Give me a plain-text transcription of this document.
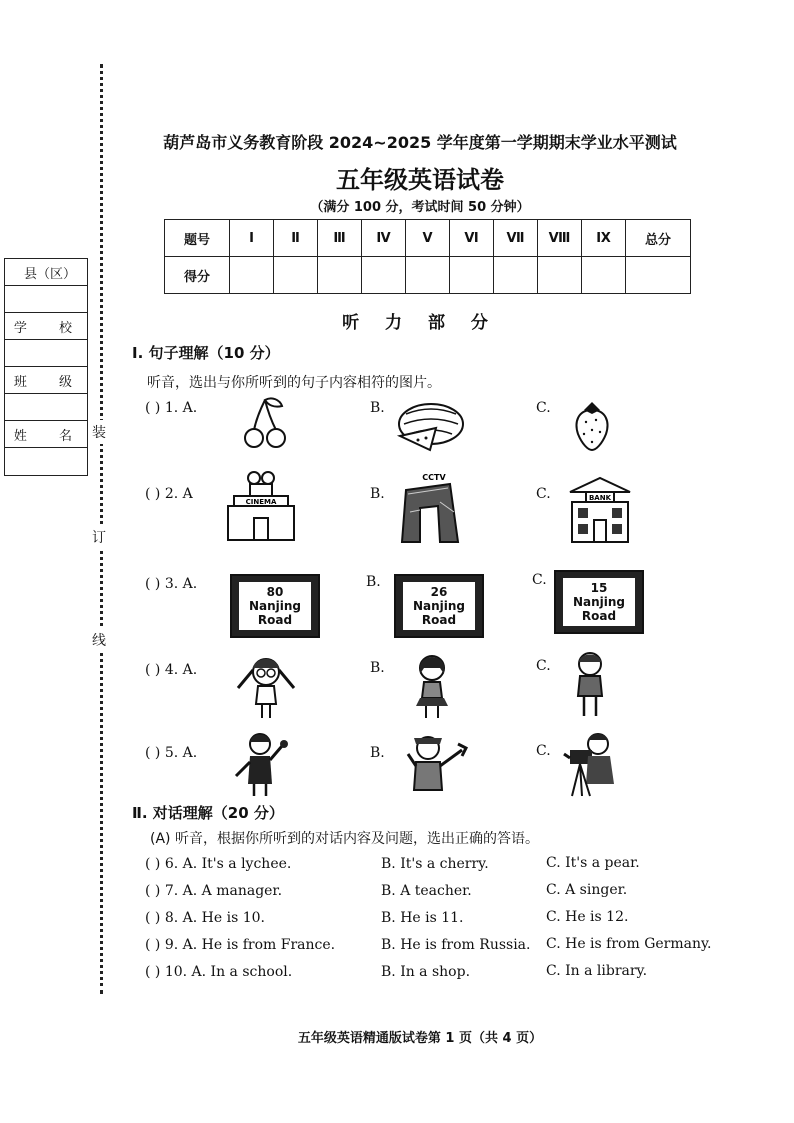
装
订
线
县（区）
学 校
班 级
姓 名
葫芦岛市义务教育阶段 2024~2025 学年度第一学期期末学业水平测试
五年级英语试卷
（满分 100 分，考试时间 50 分钟）
题号	Ⅰ	Ⅱ	Ⅲ	Ⅳ	Ⅴ	Ⅵ	Ⅶ	Ⅷ	Ⅸ	总分
得分										
听 力 部 分
Ⅰ. 句子理解（10 分）
听音，选出与你所听到的句子内容相符的图片。
( ) 1. A.	B.	C.
( ) 2. A	B.	C.
CINEMA
CCTV
BANK
( ) 3. A.	B.	C.
80
Nanjing
Road
26
Nanjing
Road
15
Nanjing
Road
( ) 4. A.	B.	C.
( ) 5. A.	B.	C.
Ⅱ. 对话理解（20 分）
(A) 听音，根据你所听到的对话内容及问题，选出正确的答语。
( ) 6. A. It's a lychee.	B. It's a cherry.	C. It's a pear.
( ) 7. A. A manager.	B. A teacher.	C. A singer.
( ) 8. A. He is 10.	B. He is 11.	C. He is 12.
( ) 9. A. He is from France.	B. He is from Russia. C. He is from Germany.
( ) 10. A. In a school.	B. In a shop.	C. In a library.
五年级英语精通版试卷第 1 页（共 4 页）
